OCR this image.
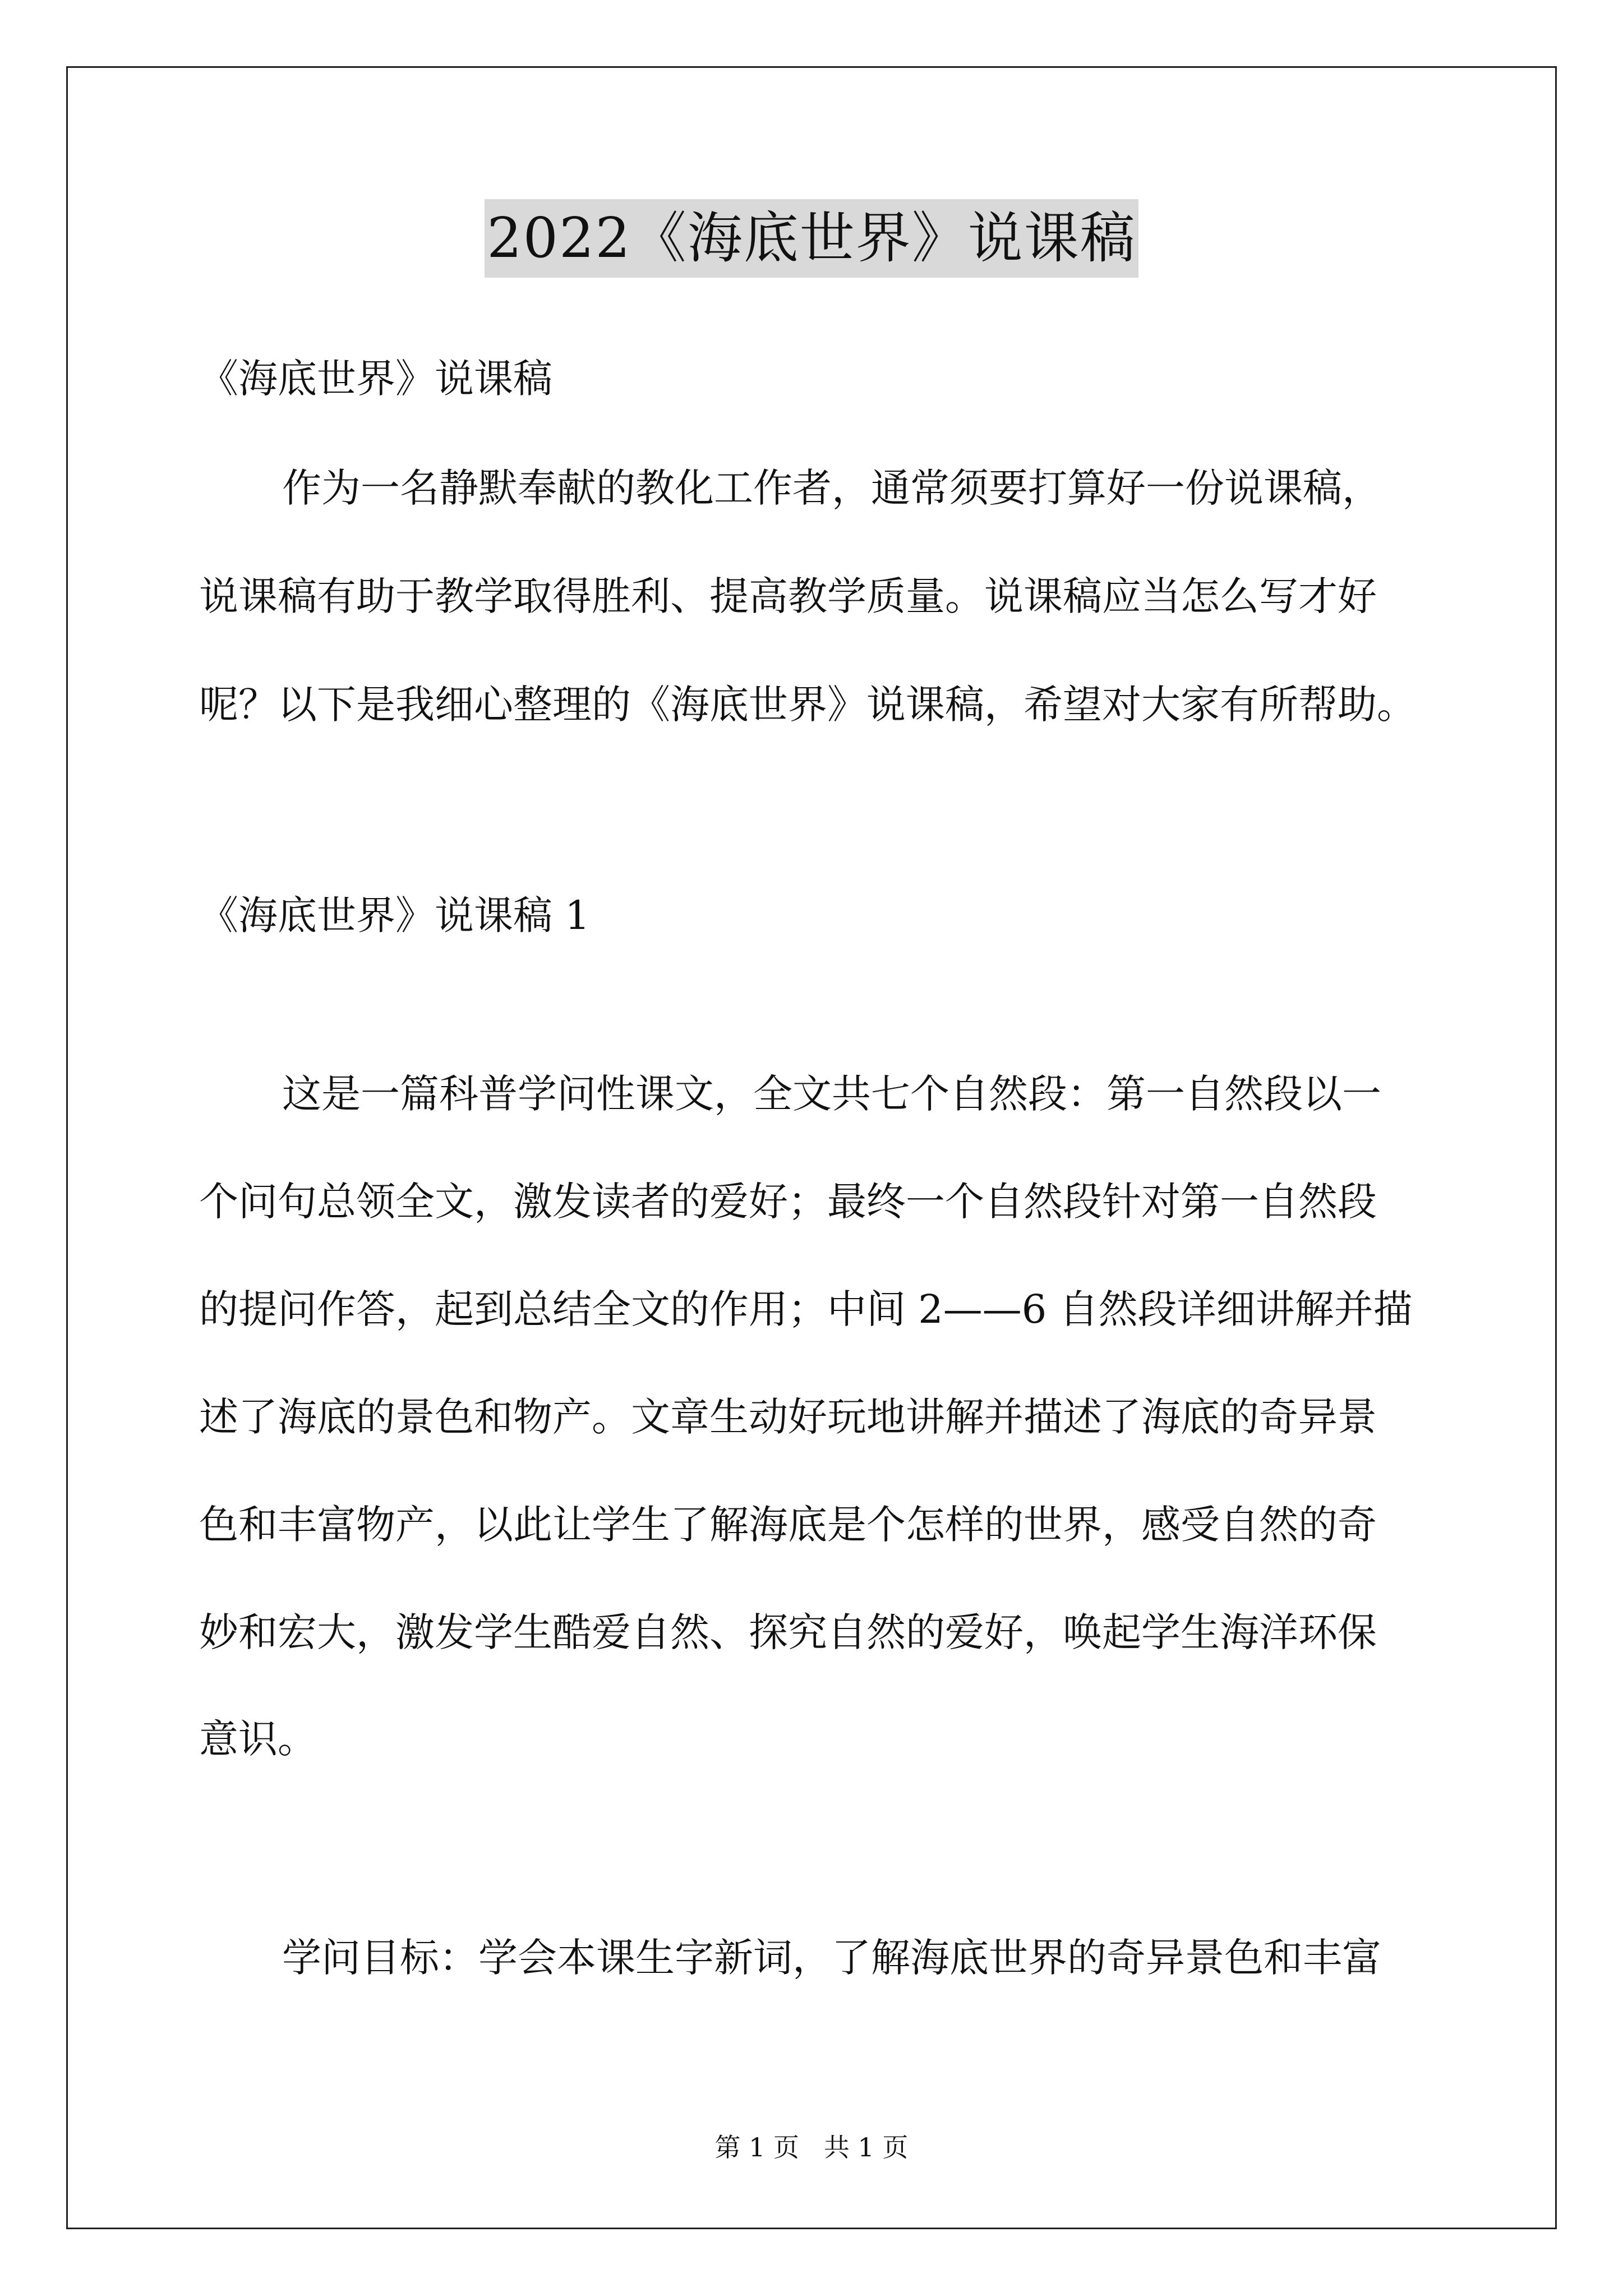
2022《海底世界》说课稿
《海底世界》说课稿
作为一名静默奉献的教化工作者，通常须要打算好一份说课稿，
说课稿有助于教学取得胜利、提高教学质量。说课稿应当怎么写才好
呢？以下是我细心整理的《海底世界》说课稿，希望对大家有所帮助。
《海底世界》说课稿 1
这是一篇科普学问性课文，全文共七个自然段：第一自然段以一
个问句总领全文，激发读者的爱好；最终一个自然段针对第一自然段
的提问作答，起到总结全文的作用；中间 2——6 自然段详细讲解并描
述了海底的景色和物产。文章生动好玩地讲解并描述了海底的奇异景
色和丰富物产，以此让学生了解海底是个怎样的世界，感受自然的奇
妙和宏大，激发学生酷爱自然、探究自然的爱好，唤起学生海洋环保
意识。
学问目标：学会本课生字新词，了解海底世界的奇异景色和丰富
第 1 页   共 1 页
